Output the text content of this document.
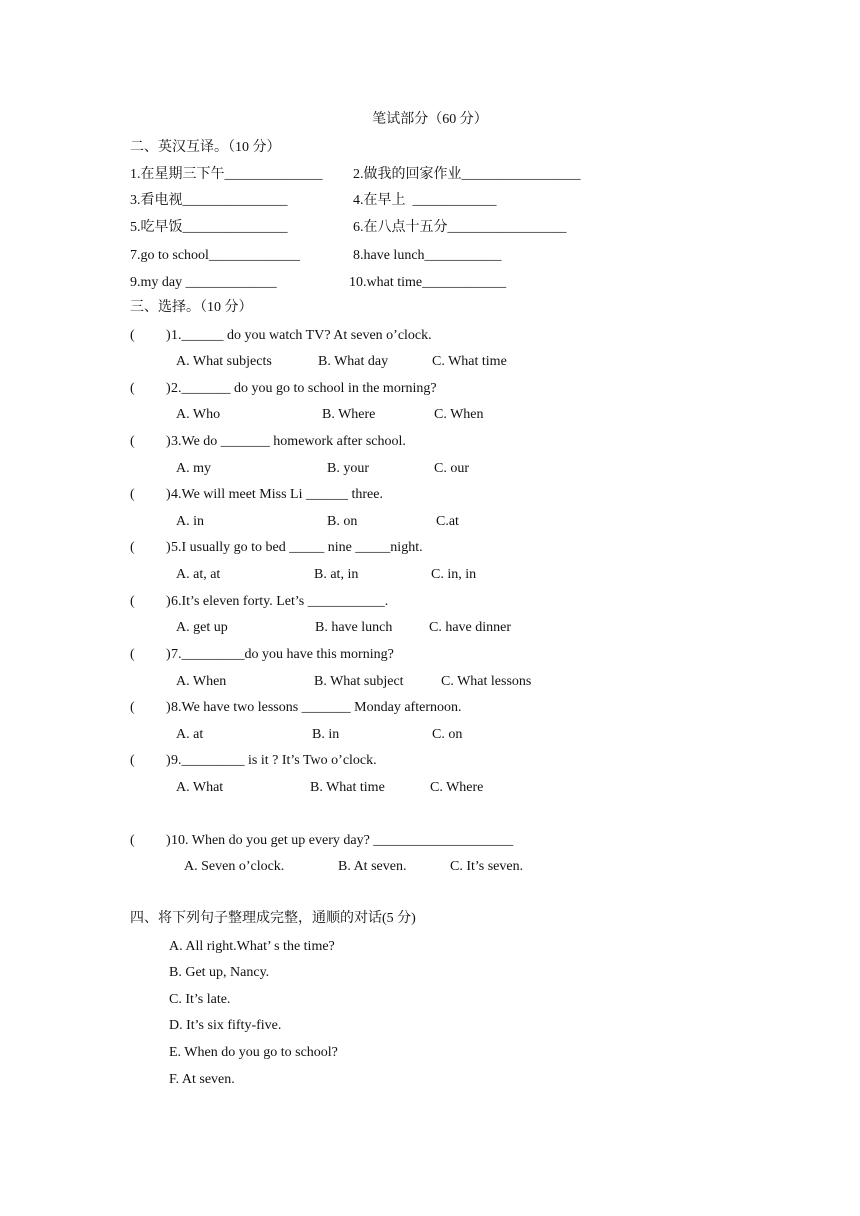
笔试部分（60 分）
二、英汉互译。（10 分）
1.在星期三下午______________ 2.做我的回家作业_________________
3.看电视_______________	4.在早上  ____________
5.吃早饭_______________	6.在八点十五分_________________
7.go to school_____________	8.have lunch___________
9.my day _____________	10.what time____________
三、选择。（10 分）
( ) 1.______ do you watch TV? At seven o’clock.
A. What subjects	B. What day	C. What time
( ) 2._______ do you go to school in the morning?
A. Who	B. Where	C. When
( ) 3.We do _______ homework after school.
A. my	B. your	C. our
( ) 4.We will meet Miss Li ______ three.
A. in	B. on	C.at
( ) 5.I usually go to bed _____ nine _____night.
A. at, at	B. at, in	C. in, in
( ) 6.It’s eleven forty. Let’s ___________.
A. get up	B. have lunch	C. have dinner
( ) 7._________do you have this morning?
A. When	B. What subject	C. What lessons
( ) 8.We have two lessons _______ Monday afternoon.
A. at	B. in	C. on
( ) 9._________ is it ? It’s Two o’clock.
A. What	B. What time	C. Where
( ) 10. When do you get up every day? ____________________
A. Seven o’clock.	B. At seven.	C. It’s seven.
四、将下列句子整理成完整，通顺的对话(5 分)
A. All right.What’ s the time?
B. Get up, Nancy.
C. It’s late.
D. It’s six fifty-five.
E. When do you go to school?
F. At seven.
